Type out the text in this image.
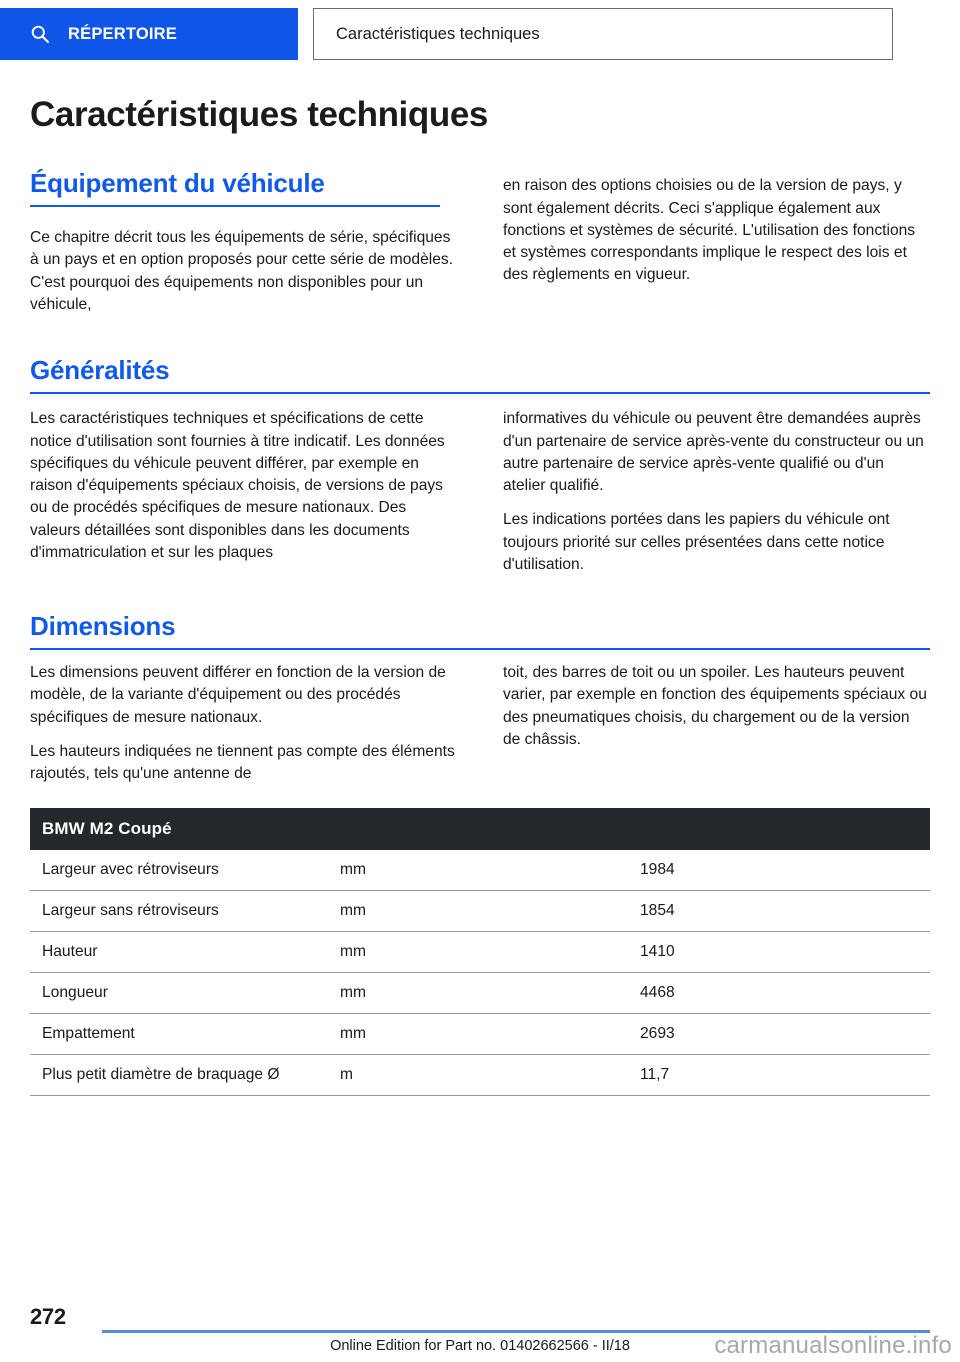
RÉPERTOIRE	Caractéristiques techniques
Caractéristiques techniques
Équipement du véhicule

Ce chapitre décrit tous les équipements de série, spécifiques à un pays et en option proposés pour cette série de modèles. C'est pourquoi des équipements non disponibles pour un véhicule,

en raison des options choisies ou de la version de pays, y sont également décrits. Ceci s'applique également aux fonctions et systèmes de sécurité. L'utilisation des fonctions et systèmes correspondants implique le respect des lois et des règlements en vigueur.

Généralités

Les caractéristiques techniques et spécifications de cette notice d'utilisation sont fournies à titre indicatif. Les données spécifiques du véhicule peuvent différer, par exemple en raison d'équipements spéciaux choisis, de versions de pays ou de procédés spécifiques de mesure nationaux. Des valeurs détaillées sont disponibles dans les documents d'immatriculation et sur les plaques

informatives du véhicule ou peuvent être demandées auprès d'un partenaire de service après-vente du constructeur ou un autre partenaire de service après-vente qualifié ou d'un atelier qualifié.

Les indications portées dans les papiers du véhicule ont toujours priorité sur celles présentées dans cette notice d'utilisation.

Dimensions

Les dimensions peuvent différer en fonction de la version de modèle, de la variante d'équipement ou des procédés spécifiques de mesure nationaux.

Les hauteurs indiquées ne tiennent pas compte des éléments rajoutés, tels qu'une antenne de

toit, des barres de toit ou un spoiler. Les hauteurs peuvent varier, par exemple en fonction des équipements spéciaux ou des pneumatiques choisis, du chargement ou de la version de châssis.

BMW M2 Coupé		
Largeur avec rétroviseurs	mm	1984
Largeur sans rétroviseurs	mm	1854
Hauteur	mm	1410
Longueur	mm	4468
Empattement	mm	2693
Plus petit diamètre de braquage Ø	m	11,7
272
Online Edition for Part no. 01402662566 - II/18	carmanualsonline.info
